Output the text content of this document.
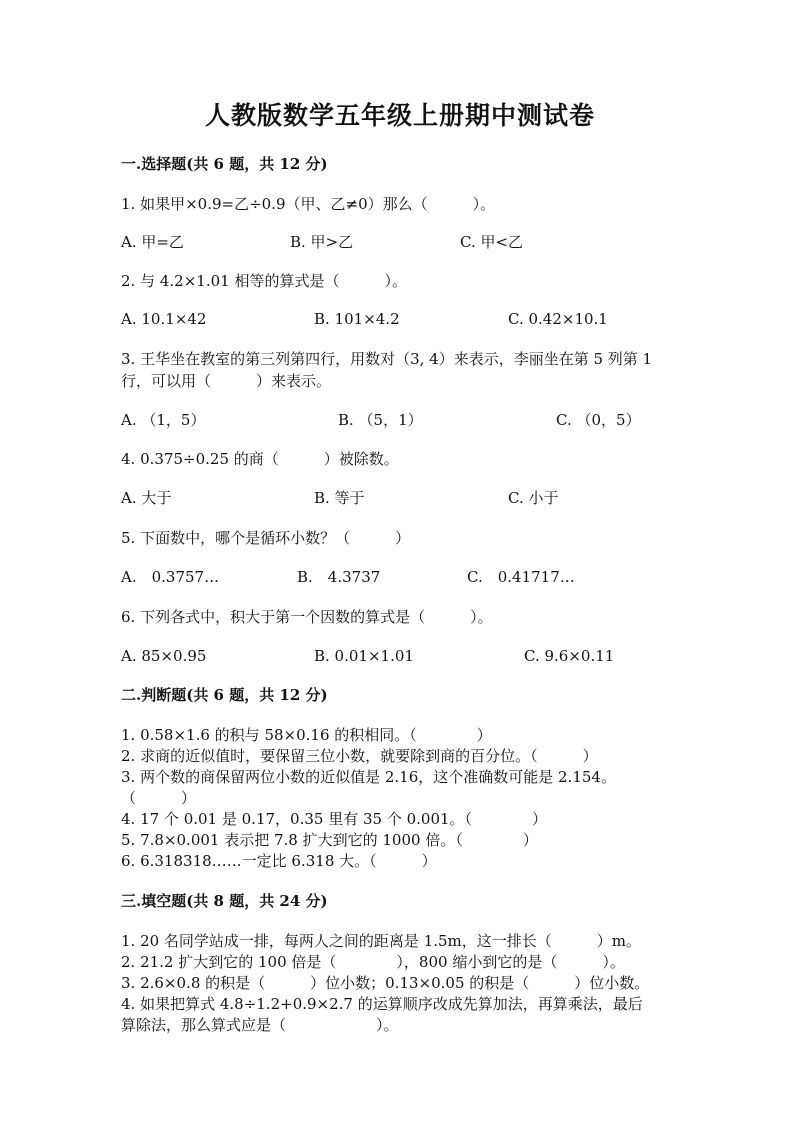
人教版数学五年级上册期中测试卷
一.选择题(共 6 题，共 12 分)
1. 如果甲×0.9=乙÷0.9（甲、乙≠0）那么（　　　）。
A. 甲=乙	B. 甲>乙	C. 甲<乙
2. 与 4.2×1.01 相等的算式是（　　　）。
A. 10.1×42	B. 101×4.2	C. 0.42×10.1
3. 王华坐在教室的第三列第四行，用数对（3, 4）来表示，李丽坐在第 5 列第 1
行，可以用（　　　）来表示。
A. （1，5）	B. （5，1）	C. （0，5）
4. 0.375÷0.25 的商（　　　）被除数。
A. 大于	B. 等于	C. 小于
5. 下面数中，哪个是循环小数？（　　　）
A.　0.3757…	B.　4.3737	C.　0.41717…
6. 下列各式中，积大于第一个因数的算式是（　　　）。
A. 85×0.95	B. 0.01×1.01	C. 9.6×0.11
二.判断题(共 6 题，共 12 分)
1. 0.58×1.6 的积与 58×0.16 的积相同。（　　　　）
2. 求商的近似值时，要保留三位小数，就要除到商的百分位。（　　　）
3. 两个数的商保留两位小数的近似值是 2.16，这个准确数可能是 2.154。
（　　　）
4. 17 个 0.01 是 0.17，0.35 里有 35 个 0.001。（　　　　）
5. 7.8×0.001 表示把 7.8 扩大到它的 1000 倍。（　　　　）
6. 6.318318……一定比 6.318 大。（　　　）
三.填空题(共 8 题，共 24 分)
1. 20 名同学站成一排，每两人之间的距离是 1.5m，这一排长（　　　）m。
2. 21.2 扩大到它的 100 倍是（　　　　），800 缩小到它的是（　　　）。
3. 2.6×0.8 的积是（　　　）位小数；0.13×0.05 的积是（　　　）位小数。
4. 如果把算式 4.8÷1.2+0.9×2.7 的运算顺序改成先算加法，再算乘法，最后
算除法，那么算式应是（　　　　　　）。
